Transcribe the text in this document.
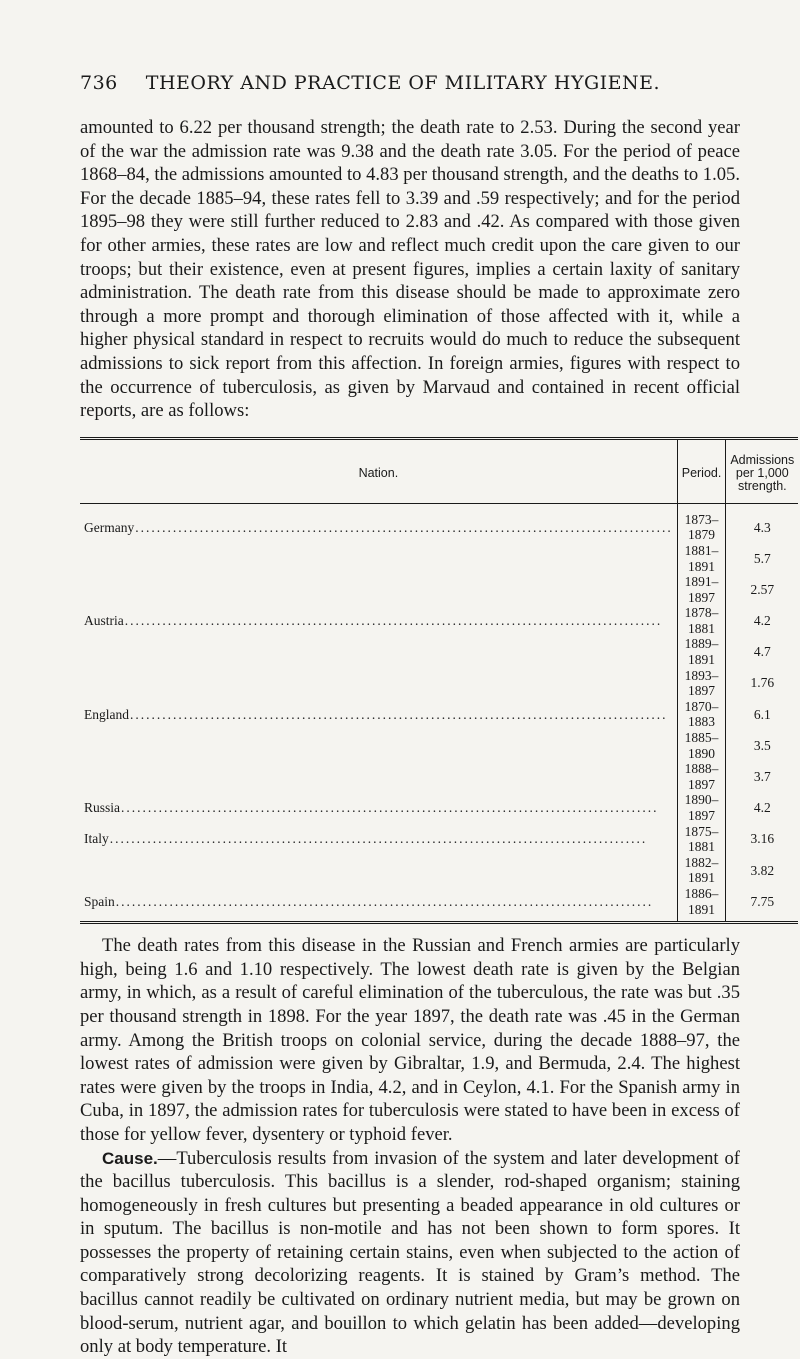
736 THEORY AND PRACTICE OF MILITARY HYGIENE.

amounted to 6.22 per thousand strength; the death rate to 2.53. During the second year of the war the admission rate was 9.38 and the death rate 3.05. For the period of peace 1868–84, the admissions amounted to 4.83 per thousand strength, and the deaths to 1.05. For the decade 1885–94, these rates fell to 3.39 and .59 respectively; and for the period 1895–98 they were still further reduced to 2.83 and .42. As compared with those given for other armies, these rates are low and reflect much credit upon the care given to our troops; but their existence, even at present figures, implies a certain laxity of sanitary administration. The death rate from this disease should be made to approximate zero through a more prompt and thorough elimination of those affected with it, while a higher physical standard in respect to recruits would do much to reduce the subsequent admissions to sick report from this affection. In foreign armies, figures with respect to the occurrence of tuberculosis, as given by Marvaud and contained in recent official reports, are as follows:

Nation.	Period.	Admissions
per 1,000 strength.

Germany
.....	1873–1879	4.3

	1881–1891	5.7

	1891–1897	2.57

Austria
.....	1878–1881	4.2

	1889–1891	4.7

	1893–1897	1.76

England
.....	1870–1883	6.1

	1885–1890	3.5

	1888–1897	3.7

Russia
.....	1890–1897	4.2

Italy
.....	1875–1881	3.16

	1882–1891	3.82

Spain
.....	1886–1891	7.75

The death rates from this disease in the Russian and French armies are particularly high, being 1.6 and 1.10 respectively. The lowest death rate is given by the Belgian army, in which, as a result of careful elimination of the tuberculous, the rate was but .35 per thousand strength in 1898. For the year 1897, the death rate was .45 in the German army. Among the British troops on colonial service, during the decade 1888–97, the lowest rates of admission were given by Gibraltar, 1.9, and Bermuda, 2.4. The highest rates were given by the troops in India, 4.2, and in Ceylon, 4.1. For the Spanish army in Cuba, in 1897, the admission rates for tuberculosis were stated to have been in excess of those for yellow fever, dysentery or typhoid fever.

Cause.—Tuberculosis results from invasion of the system and later development of the bacillus tuberculosis. This bacillus is a slender, rod-shaped organism; staining homogeneously in fresh cultures but presenting a beaded appearance in old cultures or in sputum. The bacillus is non-motile and has not been shown to form spores. It possesses the property of retaining certain stains, even when subjected to the action of comparatively strong decolorizing reagents. It is stained by Gram’s method. The bacillus cannot readily be cultivated on ordinary nutrient media, but may be grown on blood-serum, nutrient agar, and bouillon to which gelatin has been added—developing only at body temperature. It
